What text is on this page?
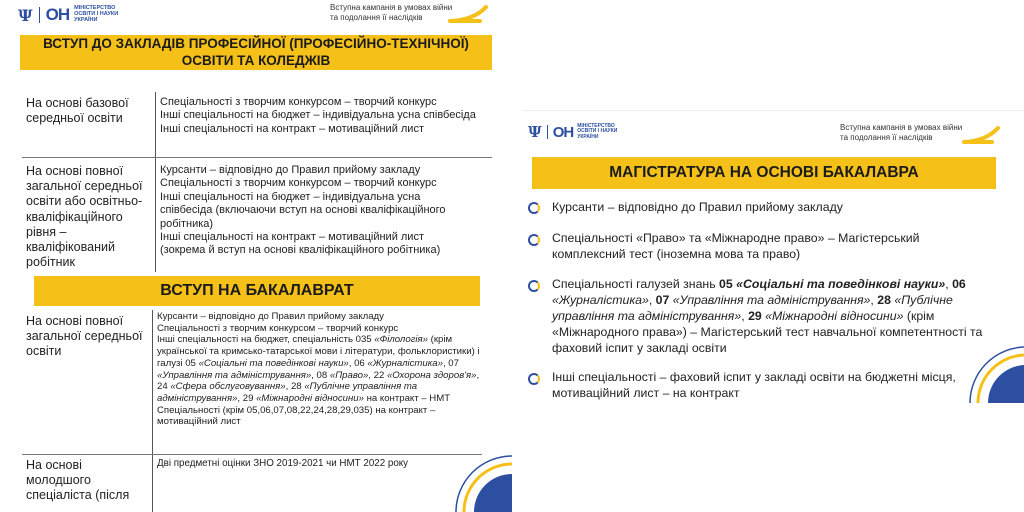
Ψ ОН МІНІСТЕРСТВО ОСВІТИ І НАУКИ УКРАЇНИ
Вступна кампанія в умовах війни
та подолання її наслідків
ВСТУП ДО ЗАКЛАДІВ ПРОФЕСІЙНОЇ (ПРОФЕСІЙНО-ТЕХНІЧНОЇ)
ОСВІТИ ТА КОЛЕДЖІВ
На основі базової середньої освіти
Спеціальності з творчим конкурсом – творчий конкурс
Інші спеціальності на бюджет – індивідуальна усна співбесіда
Інші спеціальності на контракт – мотиваційний лист
На основі повної загальної середньої освіти або освітньо-кваліфікаційного рівня – кваліфікований робітник
Курсанти – відповідно до Правил прийому закладу
Спеціальності з творчим конкурсом – творчий конкурс
Інші спеціальності на бюджет – індивідуальна усна співбесіда (включаючи вступ на основі кваліфікаційного робітника)
Інші спеціальності на контракт – мотиваційний лист (зокрема й вступ на основі кваліфікаційного робітника)
ВСТУП НА БАКАЛАВРАТ
На основі повної загальної середньої освіти
Курсанти – відповідно до Правил прийому закладу
Спеціальності з творчим конкурсом – творчий конкурс
Інші спеціальності на бюджет, спеціальність 035 «Філологія» (крім української та кримсько-татарської мови і літератури, фольклористики) і галузі 05 «Соціальні та поведінкові науки», 06 «Журналістика», 07 «Управління та адміністрування», 08 «Право», 22 «Охорона здоров'я», 24 «Сфера обслуговування», 28 «Публічне управління та адміністрування», 29 «Міжнародні відносини» на контракт – НМТ
Спеціальності (крім 05,06,07,08,22,24,28,29,035) на контракт – мотиваційний лист
На основі молодшого спеціаліста (після
Дві предметні оцінки ЗНО 2019-2021 чи НМТ 2022 року
Ψ ОН МІНІСТЕРСТВО ОСВІТИ І НАУКИ УКРАЇНИ
Вступна кампанія в умовах війни
та подолання її наслідків
МАГІСТРАТУРА НА ОСНОВІ БАКАЛАВРА
Курсанти – відповідно до Правил прийому закладу
Спеціальності «Право» та «Міжнародне право» – Магістерський комплексний тест (іноземна мова та право)
Спеціальності галузей знань 05 «Соціальні та поведінкові науки», 06 «Журналістика», 07 «Управління та адміністрування», 28 «Публічне управління та адміністрування», 29 «Міжнародні відносини» (крім «Міжнародного права») – Магістерський тест навчальної компетентності та фаховий іспит у закладі освіти
Інші спеціальності – фаховий іспит у закладі освіти на бюджетні місця, мотиваційний лист – на контракт
